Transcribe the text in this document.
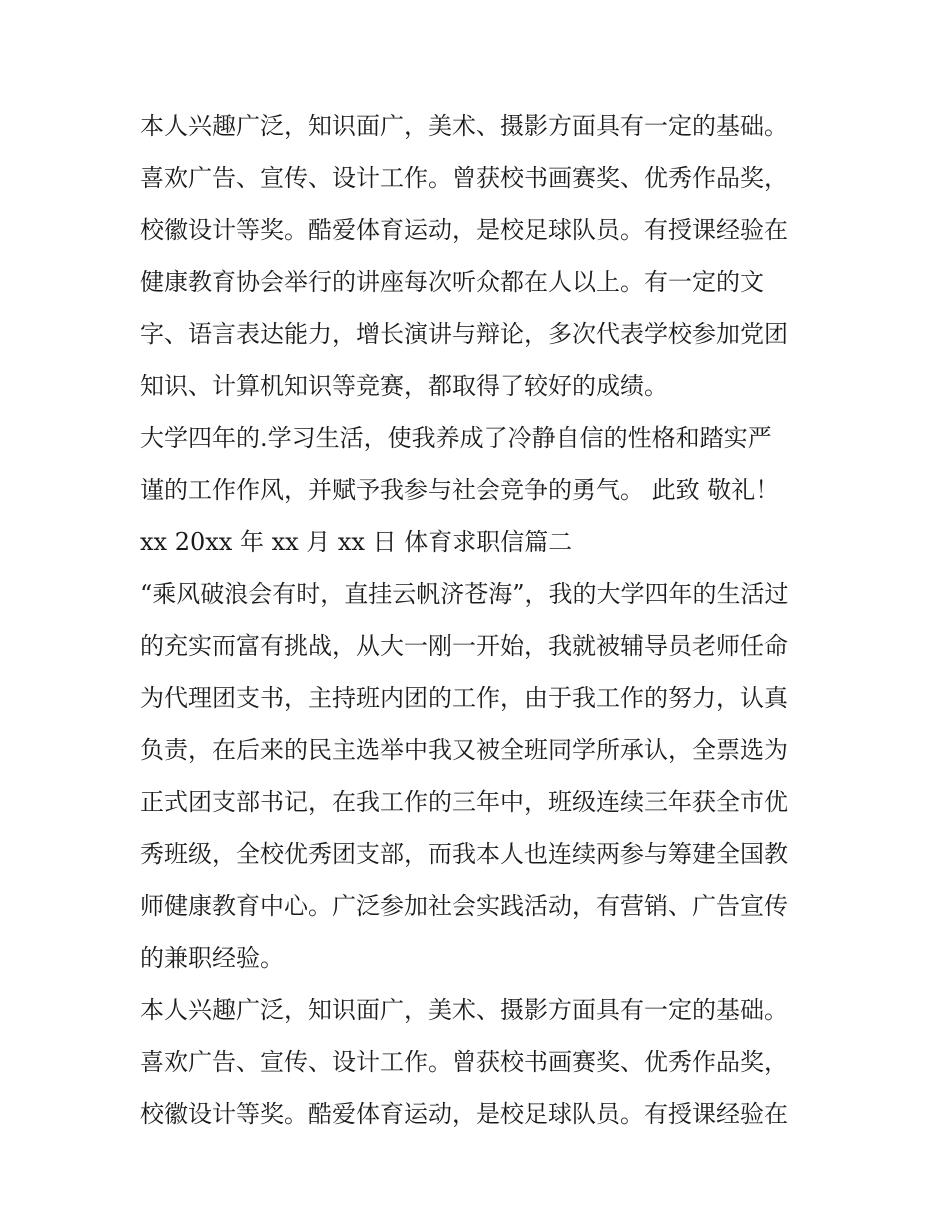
本人兴趣广泛，知识面广，美术、摄影方面具有一定的基础。
喜欢广告、宣传、设计工作。曾获校书画赛奖、优秀作品奖，
校徽设计等奖。酷爱体育运动，是校足球队员。有授课经验在
健康教育协会举行的讲座每次听众都在人以上。有一定的文
字、语言表达能力，增长演讲与辩论，多次代表学校参加党团
知识、计算机知识等竞赛，都取得了较好的成绩。
大学四年的.学习生活，使我养成了冷静自信的性格和踏实严
谨的工作作风，并赋予我参与社会竞争的勇气。 此致 敬礼！
xx 20xx 年 xx 月 xx 日 体育求职信篇二
“乘风破浪会有时，直挂云帆济苍海”，我的大学四年的生活过
的充实而富有挑战，从大一刚一开始，我就被辅导员老师任命
为代理团支书，主持班内团的工作，由于我工作的努力，认真
负责，在后来的民主选举中我又被全班同学所承认，全票选为
正式团支部书记，在我工作的三年中，班级连续三年获全市优
秀班级，全校优秀团支部，而我本人也连续两参与筹建全国教
师健康教育中心。广泛参加社会实践活动，有营销、广告宣传
的兼职经验。
本人兴趣广泛，知识面广，美术、摄影方面具有一定的基础。
喜欢广告、宣传、设计工作。曾获校书画赛奖、优秀作品奖，
校徽设计等奖。酷爱体育运动，是校足球队员。有授课经验在
